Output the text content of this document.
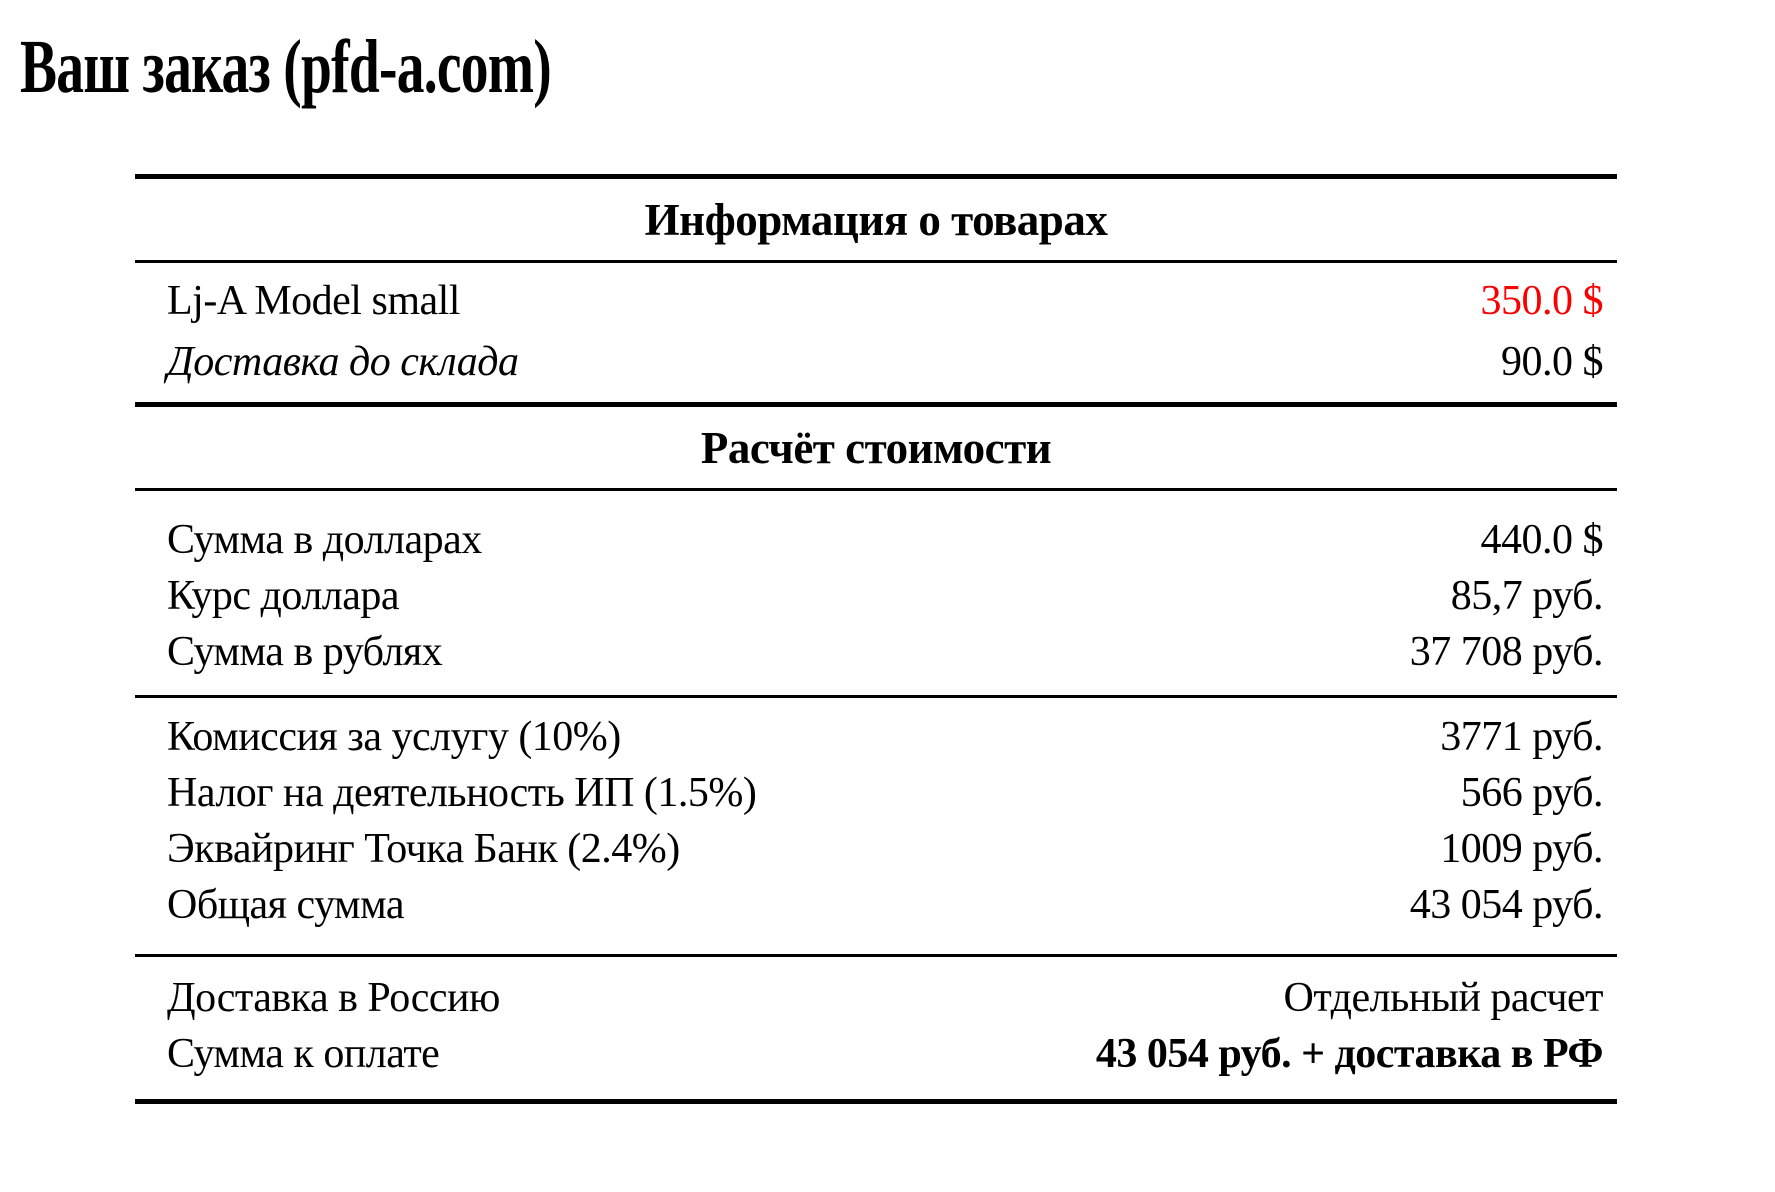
Ваш заказ (pfd-a.com)
Информация о товарах
Lj-A Model small	350.0 $
Доставка до склада	90.0 $
Расчёт стоимости
Сумма в долларах	440.0 $
Курс доллара	85,7 руб.
Сумма в рублях	37 708 руб.
Комиссия за услугу (10%)	3771 руб.
Налог на деятельность ИП (1.5%)	566 руб.
Эквайринг Точка Банк (2.4%)	1009 руб.
Общая сумма	43 054 руб.
Доставка в Россию	Отдельный расчет
Сумма к оплате	43 054 руб. + доставка в РФ
